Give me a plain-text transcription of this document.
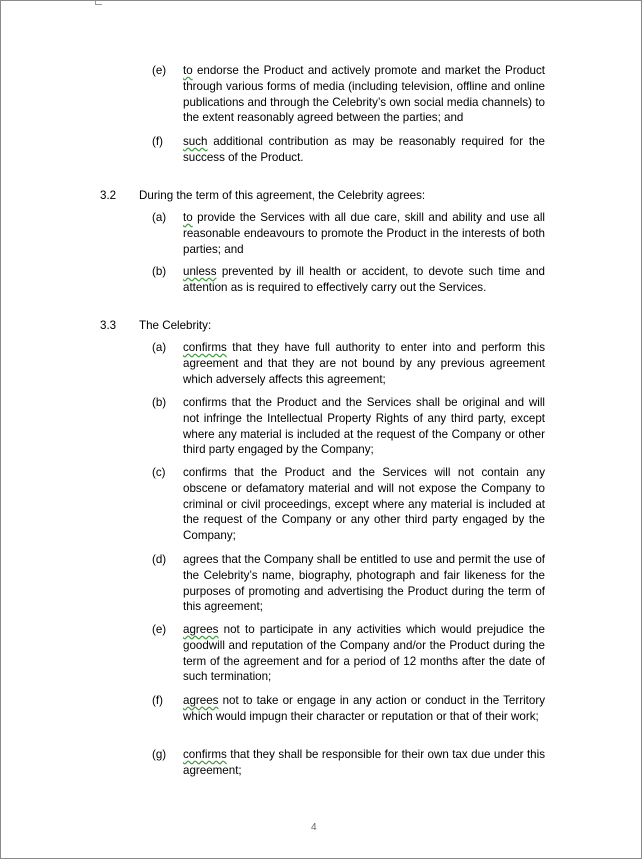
(e)	to endorse the Product and actively promote and market the Product through various forms of media (including television, offline and online publications and through the Celebrity’s own social media channels) to the extent reasonably agreed between the parties; and
(f)	such additional contribution as may be reasonably required for the success of the Product.
3.2 During the term of this agreement, the Celebrity agrees:
(a)	to provide the Services with all due care, skill and ability and use all reasonable endeavours to promote the Product in the interests of both parties; and
(b)	unless prevented by ill health or accident, to devote such time and attention as is required to effectively carry out the Services.
3.3 The Celebrity:
(a)	confirms that they have full authority to enter into and perform this agreement and that they are not bound by any previous agreement which adversely affects this agreement;
(b)	confirms that the Product and the Services shall be original and will not infringe the Intellectual Property Rights of any third party, except where any material is included at the request of the Company or other third party engaged by the Company;
(c)	confirms that the Product and the Services will not contain any obscene or defamatory material and will not expose the Company to criminal or civil proceedings, except where any material is included at the request of the Company or any other third party engaged by the Company;
(d)	agrees that the Company shall be entitled to use and permit the use of the Celebrity’s name, biography, photograph and fair likeness for the purposes of promoting and advertising the Product during the term of this agreement;
(e)	agrees not to participate in any activities which would prejudice the goodwill and reputation of the Company and/or the Product during the term of the agreement and for a period of 12 months after the date of such termination;
(f)	agrees not to take or engage in any action or conduct in the Territory which would impugn their character or reputation or that of their work;
(g)	confirms that they shall be responsible for their own tax due under this agreement;
4
